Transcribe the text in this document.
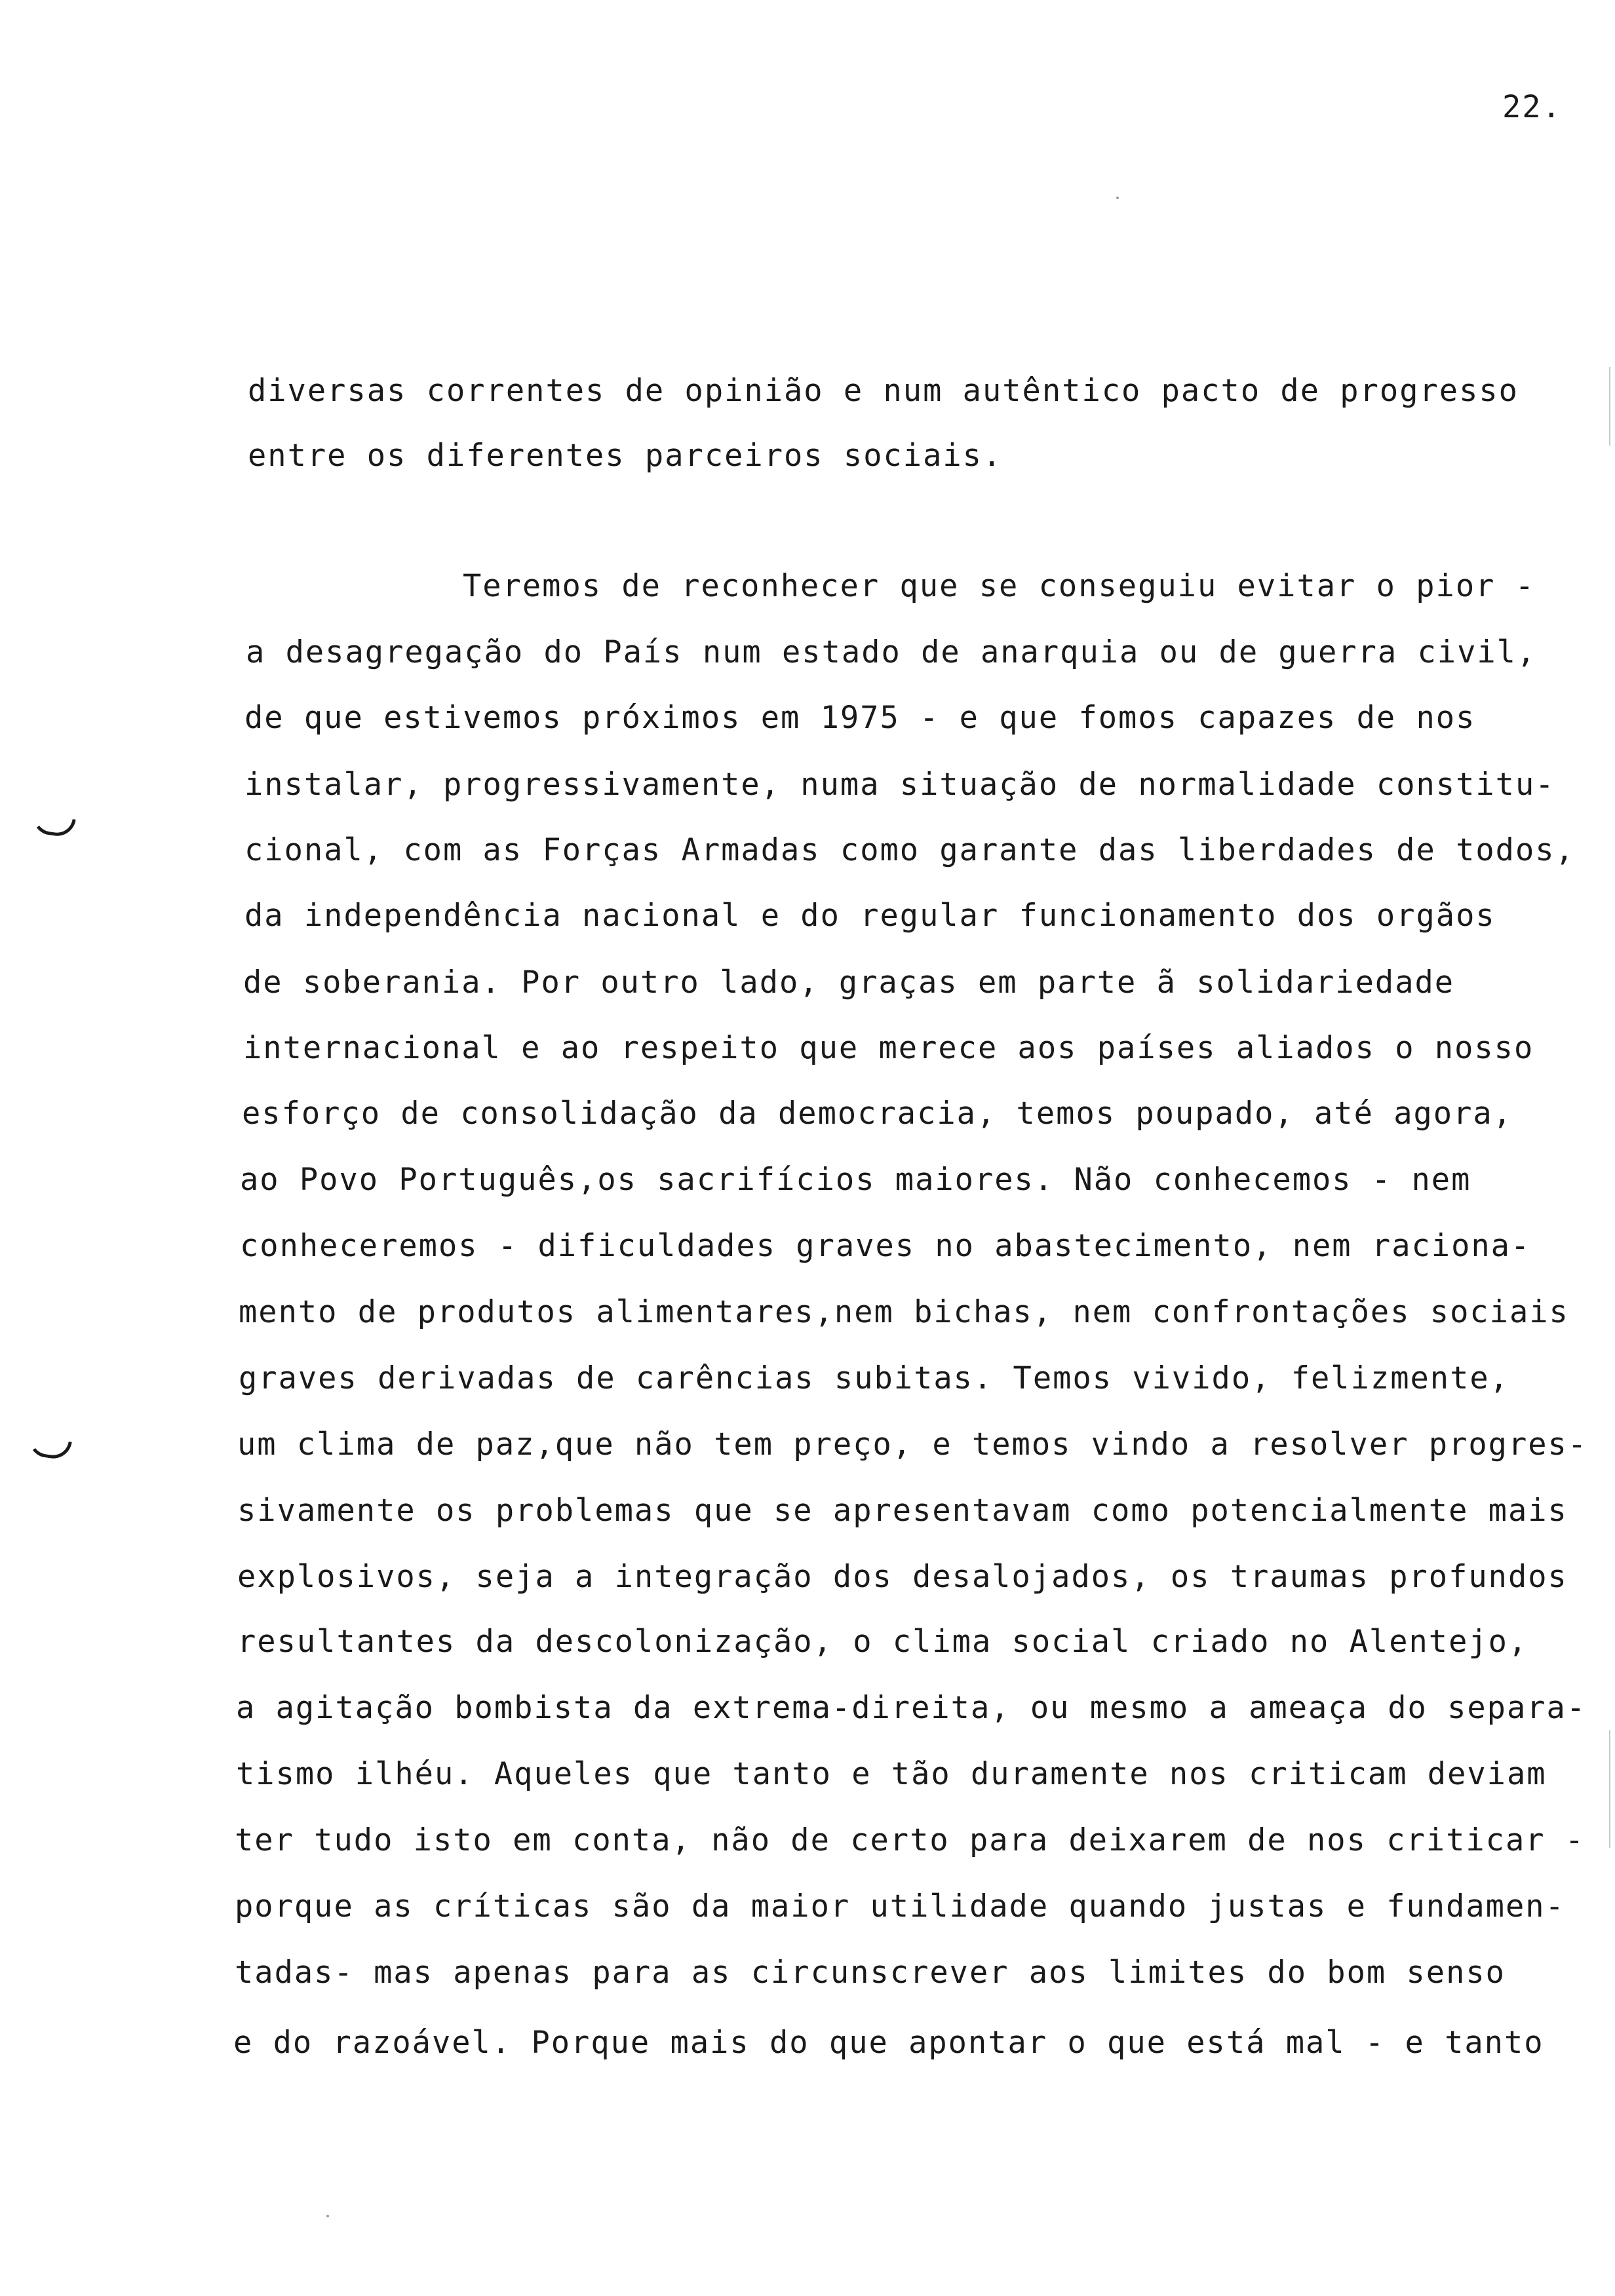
22.
diversas correntes de opinião e num autêntico pacto de progresso
entre os diferentes parceiros sociais.
Teremos de reconhecer que se conseguiu evitar o pior -
a desagregação do País num estado de anarquia ou de guerra civil,
de que estivemos próximos em 1975 - e que fomos capazes de nos
instalar, progressivamente, numa situação de normalidade constitu-
cional, com as Forças Armadas como garante das liberdades de todos,
da independência nacional e do regular funcionamento dos orgãos
de soberania. Por outro lado, graças em parte ã solidariedade
internacional e ao respeito que merece aos países aliados o nosso
esforço de consolidação da democracia, temos poupado, até agora,
ao Povo Português,os sacrifícios maiores. Não conhecemos - nem
conheceremos - dificuldades graves no abastecimento, nem raciona-
mento de produtos alimentares,nem bichas, nem confrontações sociais
graves derivadas de carências subitas. Temos vivido, felizmente,
um clima de paz,que não tem preço, e temos vindo a resolver progres-
sivamente os problemas que se apresentavam como potencialmente mais
explosivos, seja a integração dos desalojados, os traumas profundos
resultantes da descolonização, o clima social criado no Alentejo,
a agitação bombista da extrema-direita, ou mesmo a ameaça do separa-
tismo ilhéu. Aqueles que tanto e tão duramente nos criticam deviam
ter tudo isto em conta, não de certo para deixarem de nos criticar -
porque as críticas são da maior utilidade quando justas e fundamen-
tadas- mas apenas para as circunscrever aos limites do bom senso
e do razoável. Porque mais do que apontar o que está mal - e tanto
